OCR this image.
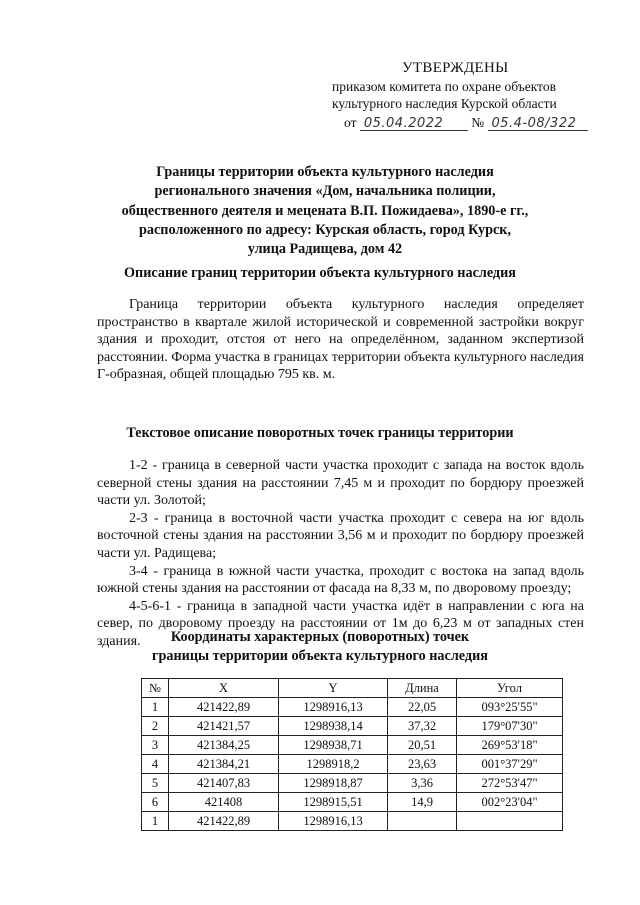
УТВЕРЖДЕНЫ
приказом комитета по охране объектов
культурного наследия Курской области
от 05.04.2022 № 05.4-08/322
Границы территории объекта культурного наследия
регионального значения «Дом, начальника полиции,
общественного деятеля и мецената В.П. Пожидаева», 1890-е гг.,
расположенного по адресу: Курская область, город Курск,
улица Радищева, дом 42
Описание границ территории объекта культурного наследия

Граница территории объекта культурного наследия определяет пространство в квартале жилой исторической и современной застройки вокруг здания и проходит, отстоя от него на определённом, заданном экспертизой расстоянии. Форма участка в границах территории объекта культурного наследия Г-образная, общей площадью 795 кв. м.

Текстовое описание поворотных точек границы территории

1-2 - граница в северной части участка проходит с запада на восток вдоль северной стены здания на расстоянии 7,45 м и проходит по бордюру проезжей части ул. Золотой;

2-3 - граница в восточной части участка проходит с севера на юг вдоль восточной стены здания на расстоянии 3,56 м и проходит по бордюру проезжей части ул. Радищева;

3-4 - граница в южной части участка, проходит с востока на запад вдоль южной стены здания на расстоянии от фасада на 8,33 м, по дворовому проезду;

4-5-6-1 - граница в западной части участка идёт в направлении с юга на север, по дворовому проезду на расстоянии от 1м до 6,23 м от западных стен здания.	Координаты характерных (поворотных) точек
границы территории объекта культурного наследия
№	X	Y	Длина	Угол
1	421422,89	1298916,13	22,05	093°25'55"
2	421421,57	1298938,14	37,32	179°07'30"
3	421384,25	1298938,71	20,51	269°53'18"
4	421384,21	1298918,2	23,63	001°37'29"
5	421407,83	1298918,87	3,36	272°53'47"
6	421408	1298915,51	14,9	002°23'04"
1	421422,89	1298916,13		
